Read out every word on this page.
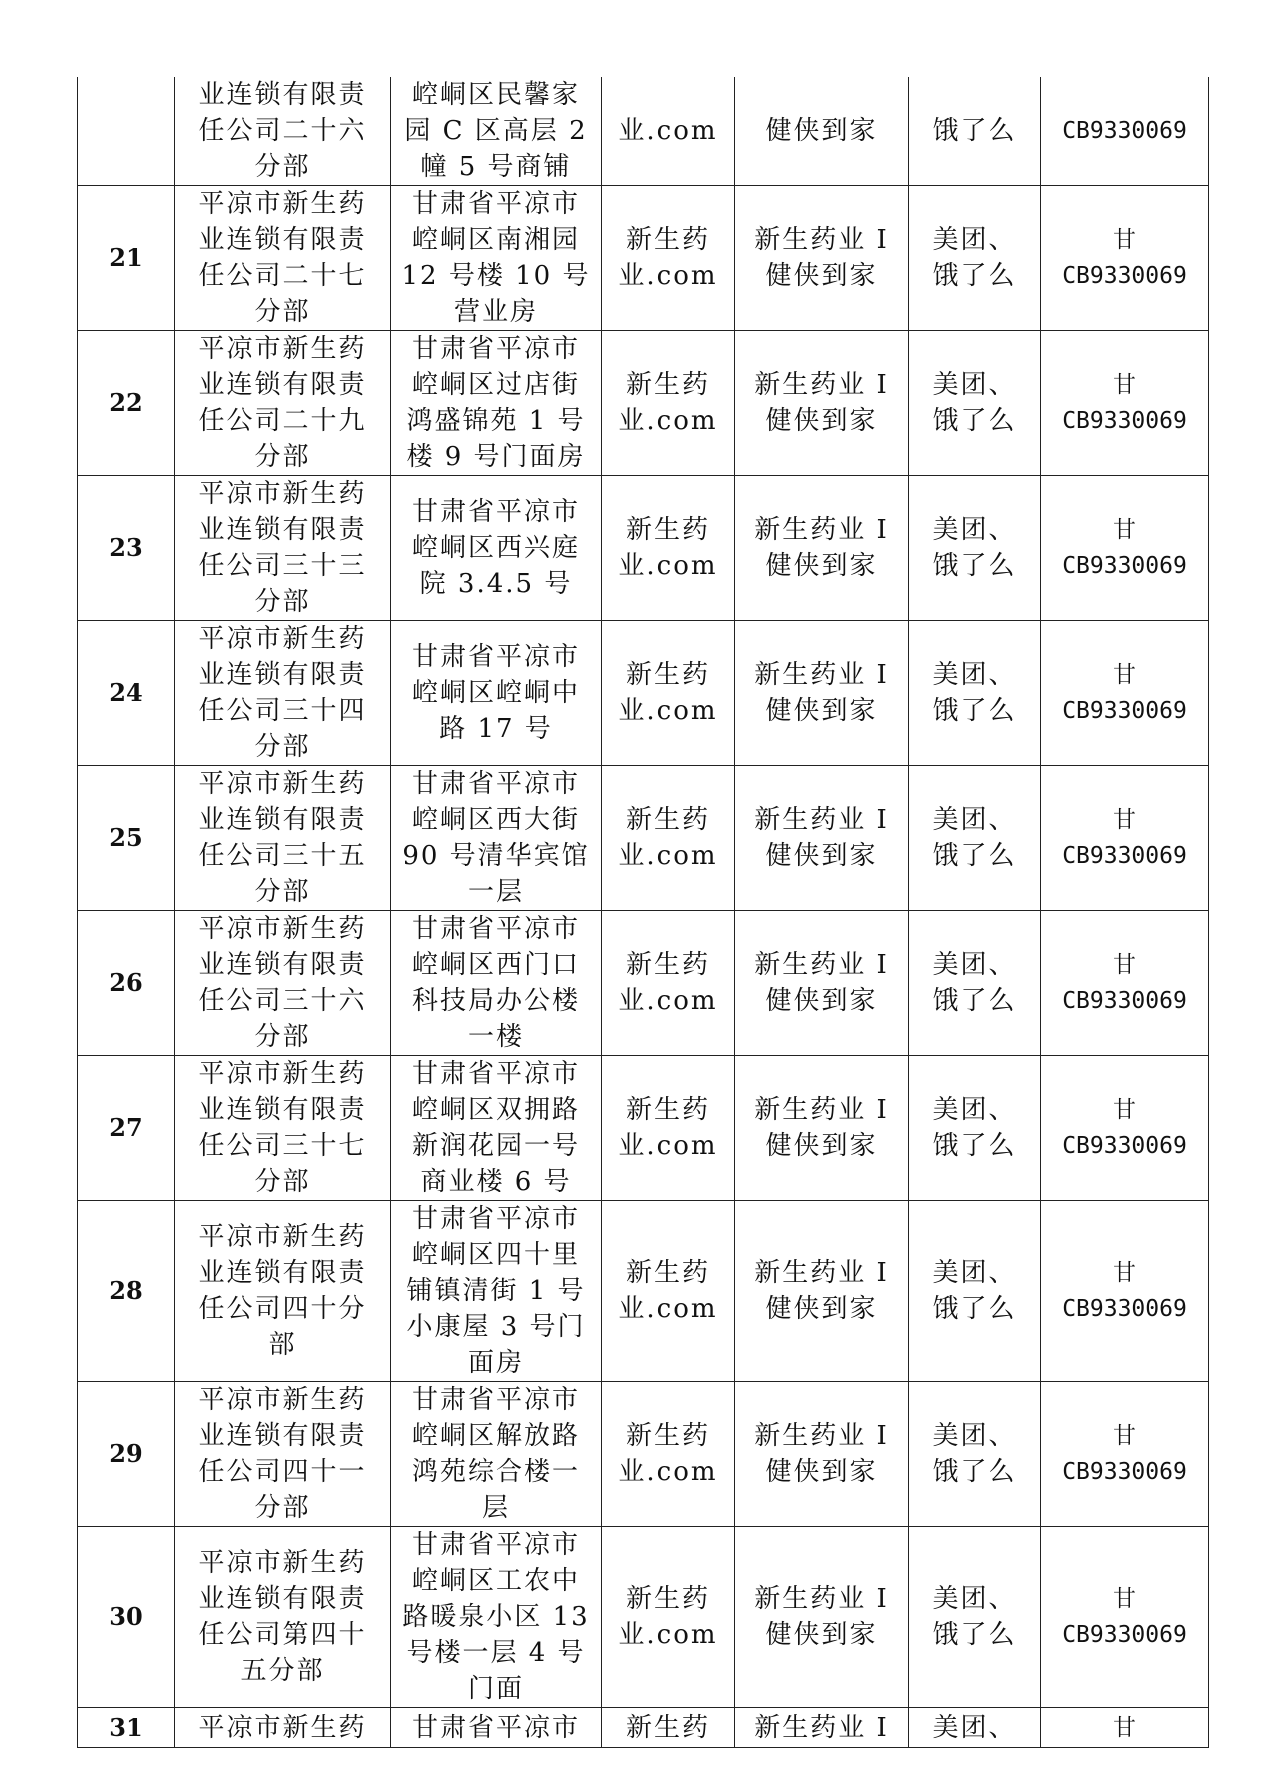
	业连锁有限责
任公司二十六
分部	崆峒区民馨家
园 C 区高层 2
幢 5 号商铺	业.com	健侠到家	饿了么	CB9330069

21	平凉市新生药
业连锁有限责
任公司二十七
分部	甘肃省平凉市
崆峒区南湘园
12 号楼 10 号
营业房	新生药
业.com	新生药业 I
健侠到家	美团、
饿了么	甘
CB9330069

22	平凉市新生药
业连锁有限责
任公司二十九
分部	甘肃省平凉市
崆峒区过店街
鸿盛锦苑 1 号
楼 9 号门面房	新生药
业.com	新生药业 I
健侠到家	美团、
饿了么	甘
CB9330069

23	平凉市新生药
业连锁有限责
任公司三十三
分部	甘肃省平凉市
崆峒区西兴庭
院 3.4.5 号	新生药
业.com	新生药业 I
健侠到家	美团、
饿了么	甘
CB9330069

24	平凉市新生药
业连锁有限责
任公司三十四
分部	甘肃省平凉市
崆峒区崆峒中
路 17 号	新生药
业.com	新生药业 I
健侠到家	美团、
饿了么	甘
CB9330069

25	平凉市新生药
业连锁有限责
任公司三十五
分部	甘肃省平凉市
崆峒区西大街
90 号清华宾馆
一层	新生药
业.com	新生药业 I
健侠到家	美团、
饿了么	甘
CB9330069

26	平凉市新生药
业连锁有限责
任公司三十六
分部	甘肃省平凉市
崆峒区西门口
科技局办公楼
一楼	新生药
业.com	新生药业 I
健侠到家	美团、
饿了么	甘
CB9330069

27	平凉市新生药
业连锁有限责
任公司三十七
分部	甘肃省平凉市
崆峒区双拥路
新润花园一号
商业楼 6 号	新生药
业.com	新生药业 I
健侠到家	美团、
饿了么	甘
CB9330069

28	平凉市新生药
业连锁有限责
任公司四十分
部	甘肃省平凉市
崆峒区四十里
铺镇清街 1 号
小康屋 3 号门
面房	新生药
业.com	新生药业 I
健侠到家	美团、
饿了么	甘
CB9330069

29	平凉市新生药
业连锁有限责
任公司四十一
分部	甘肃省平凉市
崆峒区解放路
鸿苑综合楼一
层	新生药
业.com	新生药业 I
健侠到家	美团、
饿了么	甘
CB9330069

30	平凉市新生药
业连锁有限责
任公司第四十
五分部	甘肃省平凉市
崆峒区工农中
路暖泉小区 13
号楼一层 4 号
门面	新生药
业.com	新生药业 I
健侠到家	美团、
饿了么	甘
CB9330069

31	平凉市新生药	甘肃省平凉市	新生药	新生药业 I	美团、	甘
